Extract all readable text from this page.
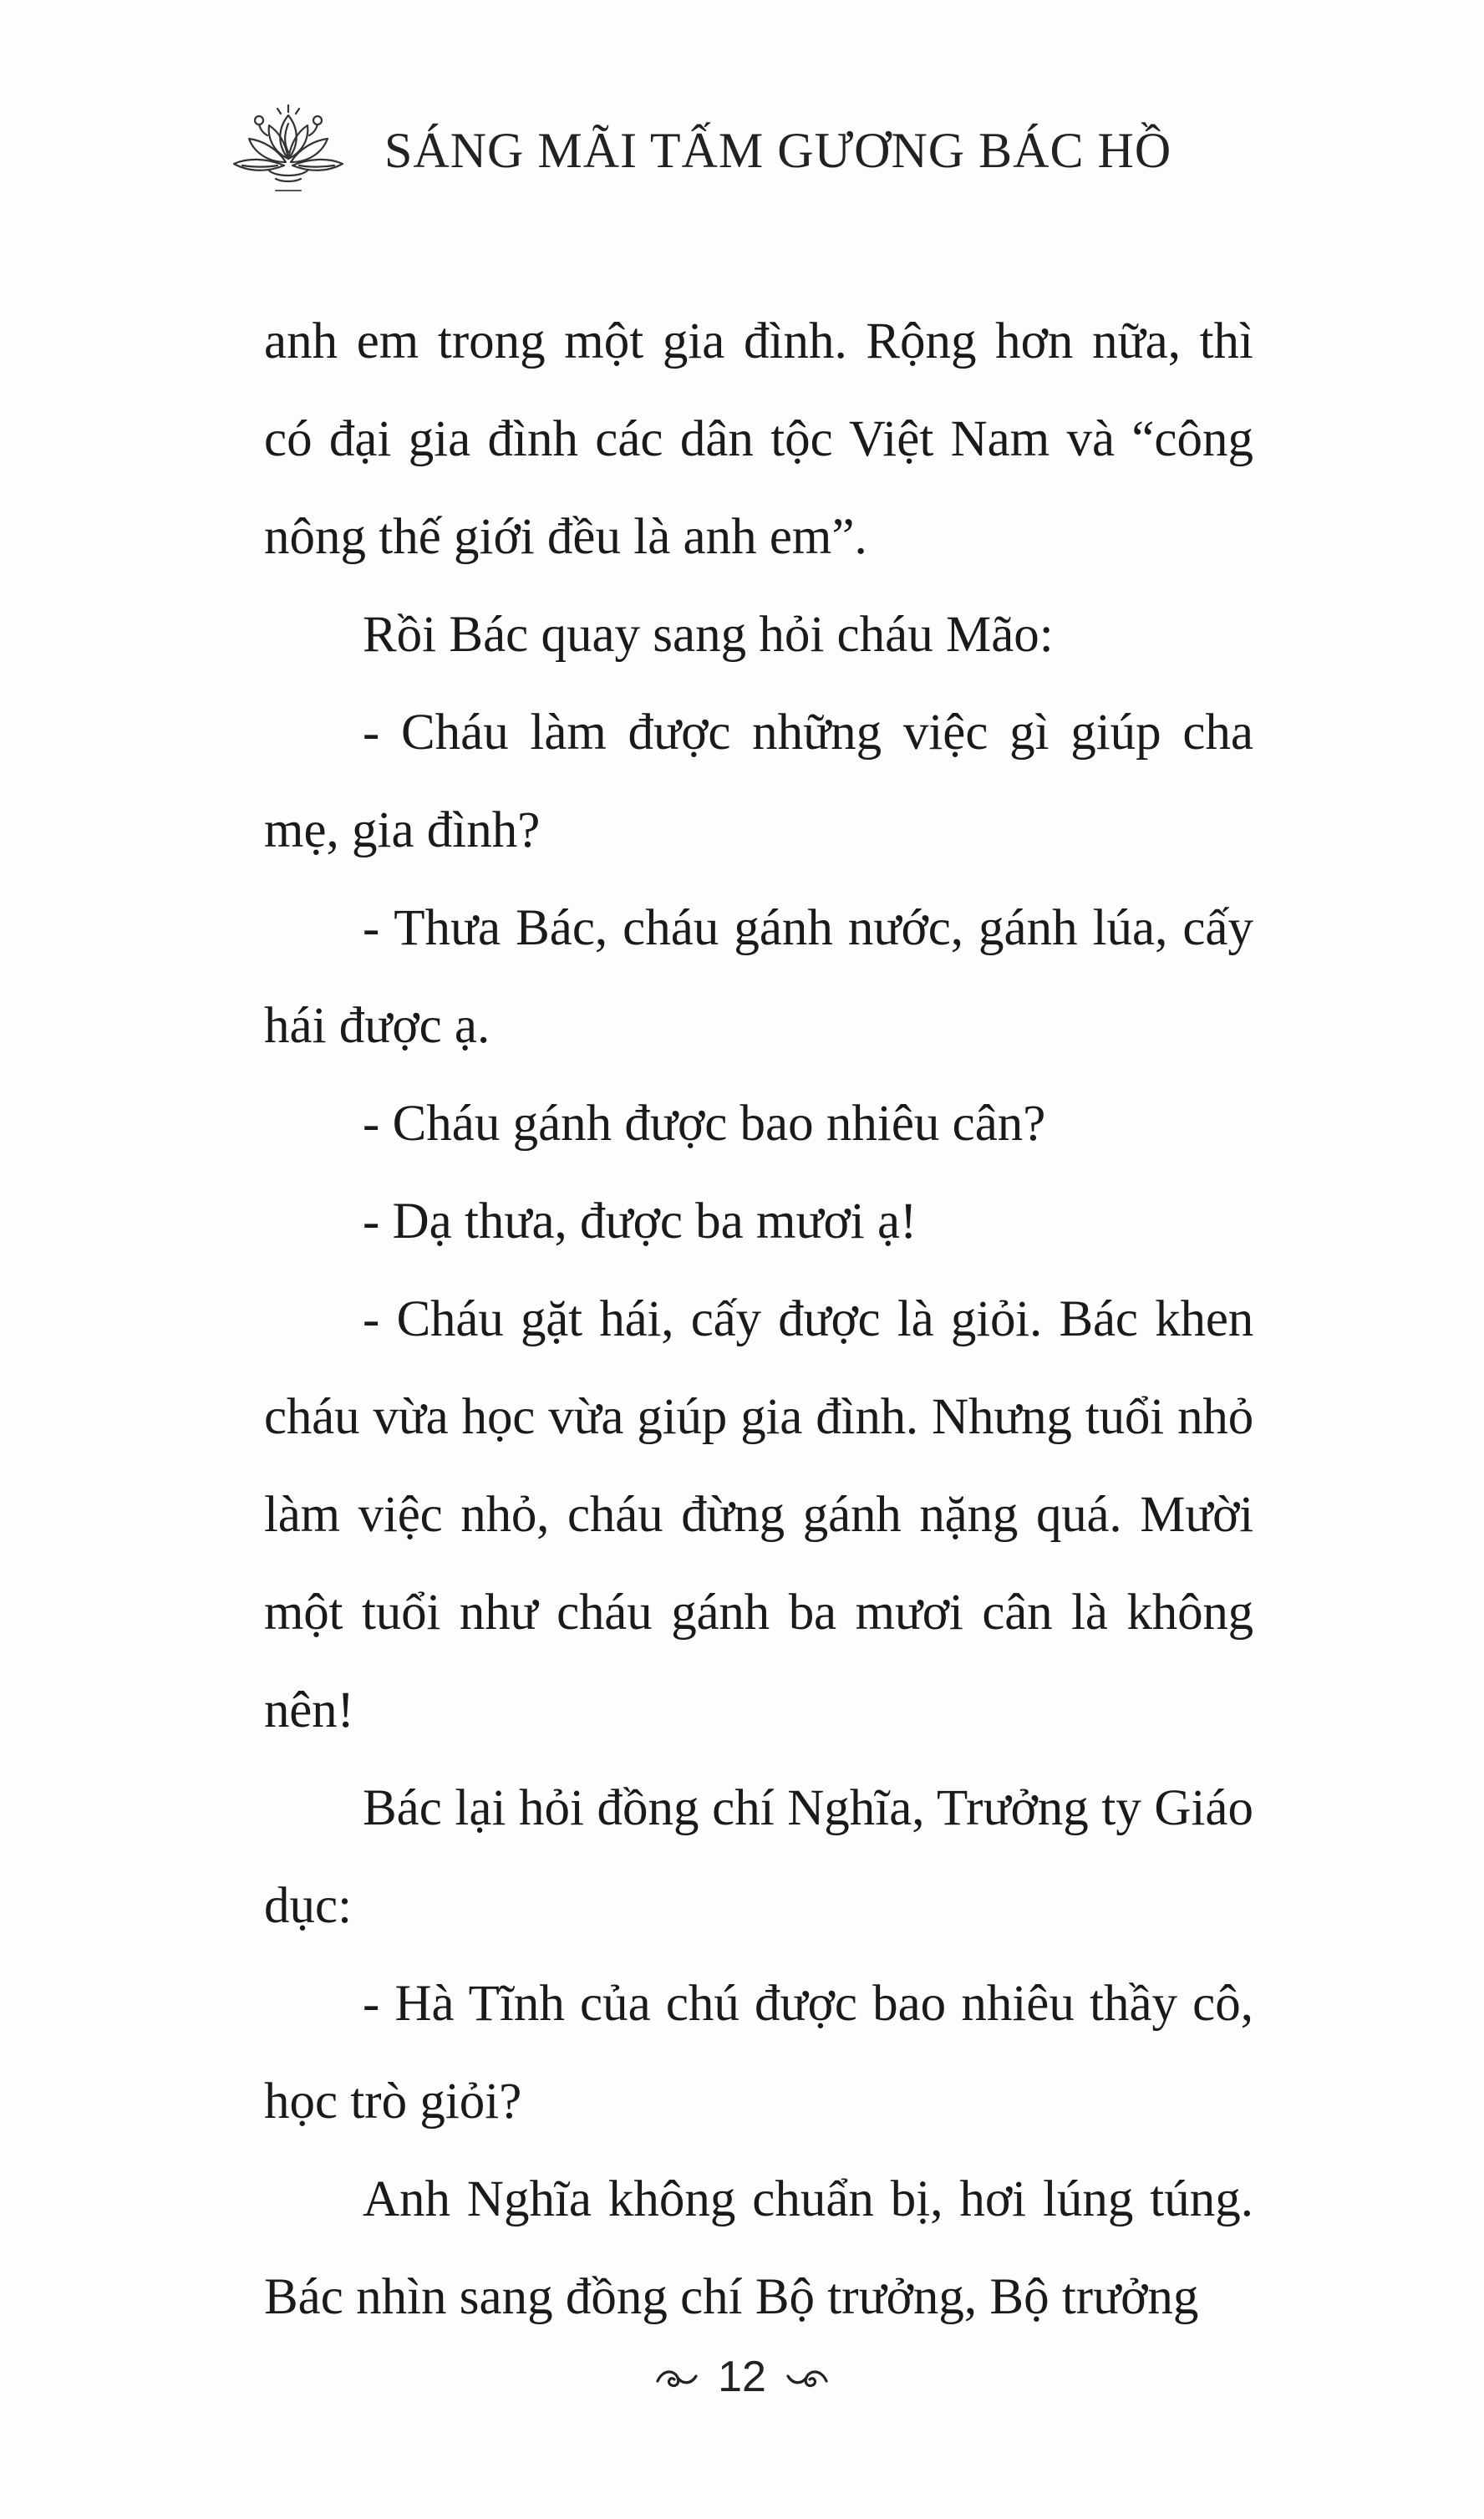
SÁNG MÃI TẤM GƯƠNG BÁC HỒ

anh em trong một gia đình. Rộng hơn nữa, thì có đại gia đình các dân tộc Việt Nam và “công nông thế giới đều là anh em”.

Rồi Bác quay sang hỏi cháu Mão:

- Cháu làm được những việc gì giúp cha mẹ, gia đình?

- Thưa Bác, cháu gánh nước, gánh lúa, cấy hái được ạ.

- Cháu gánh được bao nhiêu cân?

- Dạ thưa, được ba mươi ạ!

- Cháu gặt hái, cấy được là giỏi. Bác khen cháu vừa học vừa giúp gia đình. Nhưng tuổi nhỏ làm việc nhỏ, cháu đừng gánh nặng quá. Mười một tuổi như cháu gánh ba mươi cân là không nên!

Bác lại hỏi đồng chí Nghĩa, Trưởng ty Giáo dục:

- Hà Tĩnh của chú được bao nhiêu thầy cô, học trò giỏi?

Anh Nghĩa không chuẩn bị, hơi lúng túng. Bác nhìn sang đồng chí Bộ trưởng, Bộ trưởng

12
